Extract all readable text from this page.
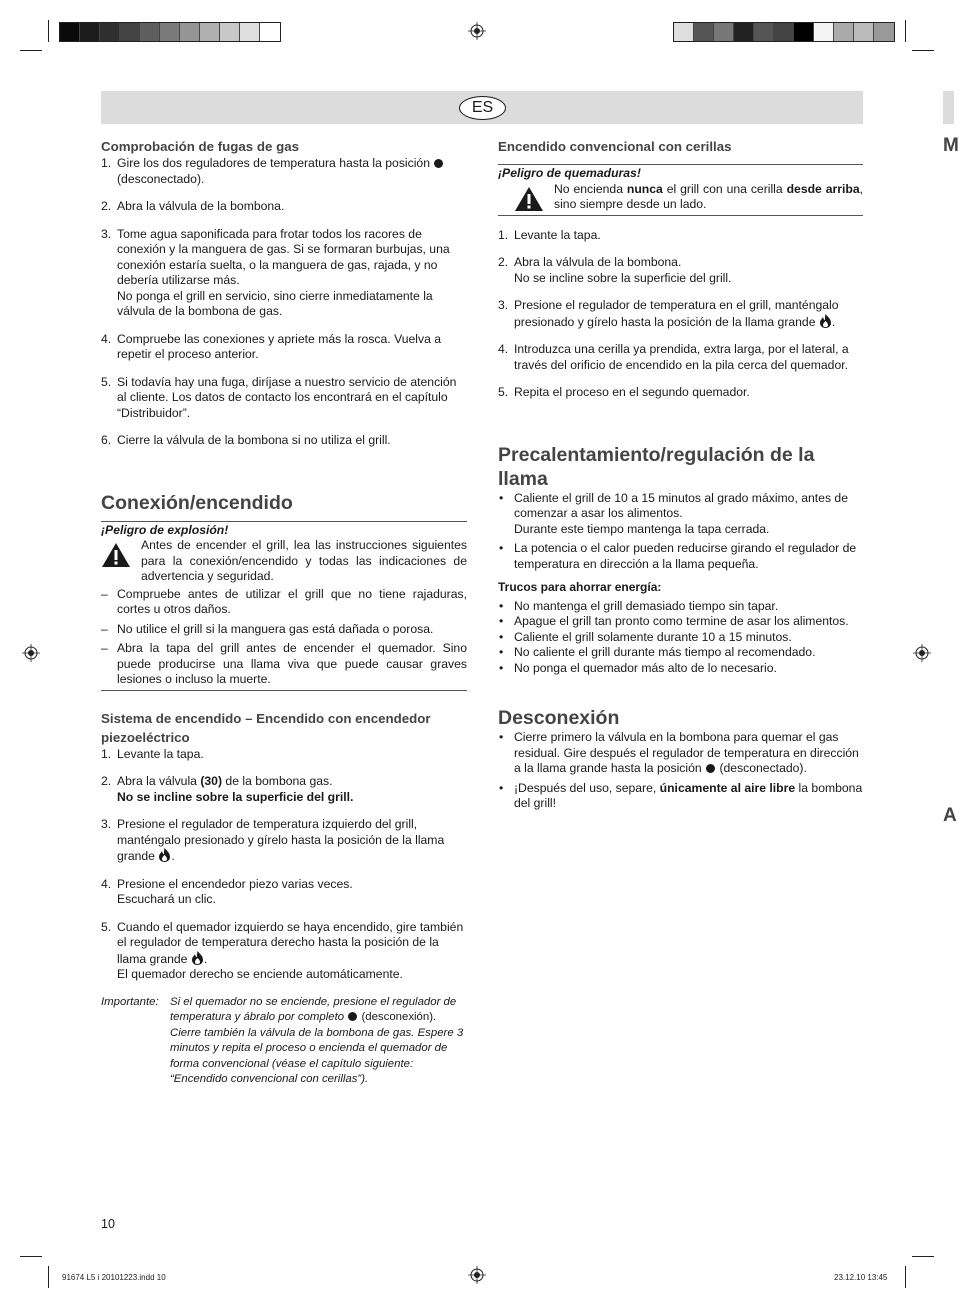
ES
Comprobación de fugas de gas
1. Gire los dos reguladores de temperatura hasta la posición  (desconectado).
2. Abra la válvula de la bombona.
3. Tome agua saponificada para frotar todos los racores de conexión y la manguera de gas. Si se formaran burbujas, una conexión estaría suelta, o la manguera de gas, rajada, y no debería utilizarse más.
No ponga el grill en servicio, sino cierre inmediatamente la válvula de la bombona de gas.
4. Compruebe las conexiones y apriete más la rosca. Vuelva a repetir el proceso anterior.
5. Si todavía hay una fuga, diríjase a nuestro servicio de atención al cliente. Los datos de contacto los encontrará en el capítulo “Distribuidor”.
6. Cierre la válvula de la bombona si no utiliza el grill.
Conexión/encendido
¡Peligro de explosión!
Antes de encender el grill, lea las instrucciones siguientes para la conexión/encendido y todas las indicaciones de advertencia y seguridad.
– Compruebe antes de utilizar el grill que no tiene rajaduras, cortes u otros daños.
– No utilice el grill si la manguera gas está dañada o porosa.
– Abra la tapa del grill antes de encender el quemador. Sino puede producirse una llama viva que puede causar graves lesiones o incluso la muerte.
Sistema de encendido – Encendido con encendedor piezoeléctrico
1. Levante la tapa.
2. Abra la válvula (30) de la bombona gas.
No se incline sobre la superficie del grill.
3. Presione el regulador de temperatura izquierdo del grill, manténgalo presionado y gírelo hasta la posición de la llama grande .
4. Presione el encendedor piezo varias veces.
Escuchará un clic.
5. Cuando el quemador izquierdo se haya encendido, gire también el regulador de temperatura derecho hasta la posición de la llama grande .
El quemador derecho se enciende automáticamente.
Importante: Si el quemador no se enciende, presione el regulador de temperatura y ábralo por completo (desconexión). Cierre también la válvula de la bombona de gas. Espere 3 minutos y repita el proceso o encienda el quemador de forma convencional (véase el capítulo siguiente: “Encendido convencional con cerillas”).
Encendido convencional con cerillas
¡Peligro de quemaduras!
No encienda nunca el grill con una cerilla desde arriba, sino siempre desde un lado.
1. Levante la tapa.
2. Abra la válvula de la bombona.
No se incline sobre la superficie del grill.
3. Presione el regulador de temperatura en el grill, manténgalo presionado y gírelo hasta la posición de la llama grande .
4. Introduzca una cerilla ya prendida, extra larga, por el lateral, a través del orificio de encendido en la pila cerca del quemador.
5. Repita el proceso en el segundo quemador.
Precalentamiento/regulación de la llama
• Caliente el grill de 10 a 15 minutos al grado máximo, antes de comenzar a asar los alimentos.
Durante este tiempo mantenga la tapa cerrada.
• La potencia o el calor pueden reducirse girando el regulador de temperatura en dirección a la llama pequeña.
Trucos para ahorrar energía:
• No mantenga el grill demasiado tiempo sin tapar.
• Apague el grill tan pronto como termine de asar los alimentos.
• Caliente el grill solamente durante 10 a 15 minutos.
• No caliente el grill durante más tiempo al recomendado.
• No ponga el quemador más alto de lo necesario.
Desconexión
• Cierre primero la válvula en la bombona para quemar el gas residual. Gire después el regulador de temperatura en dirección a la llama grande hasta la posición (desconectado).
• ¡Después del uso, separe, únicamente al aire libre la bombona del grill!
M
A
10
91674 L5 i 20101223.indd 10	23.12.10 13:45
